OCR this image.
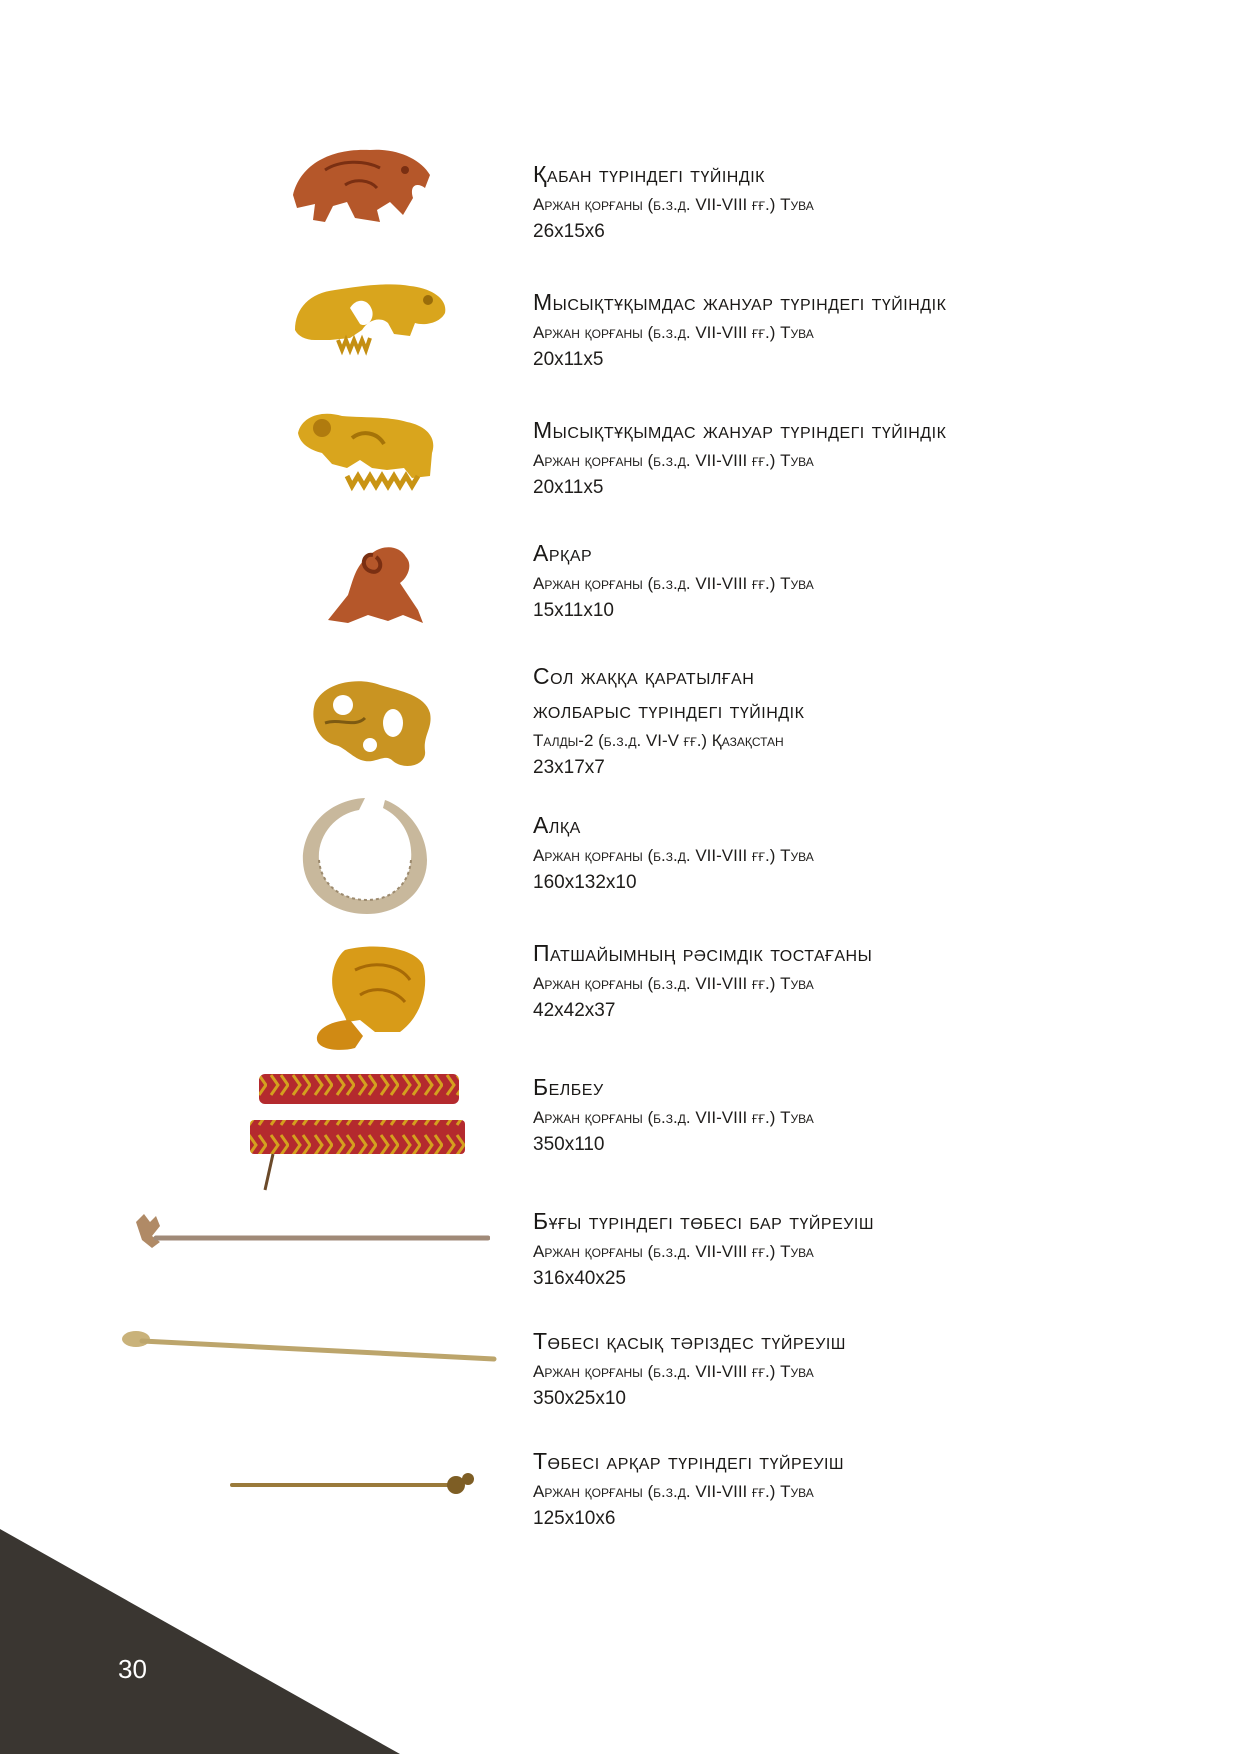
30
Қабан түріндегі түйіндік
Аржан қорғаны (б.з.д. VII-VIII ғғ.) Тува
26x15x6
Мысықтұқымдас жануар түріндегі түйіндік
Аржан қорғаны (б.з.д. VII-VIII ғғ.) Тува
20x11x5
Мысықтұқымдас жануар түріндегі түйіндік
Аржан қорғаны (б.з.д. VII-VIII ғғ.) Тува
20x11x5
Арқар
Аржан қорғаны (б.з.д. VII-VIII ғғ.) Тува
15x11x10
Сол жаққа қаратылған
жолбарыс түріндегі түйіндік
Талды-2 (б.з.д. VI-V ғғ.) Қазақстан
23x17x7
Алқа
Аржан қорғаны (б.з.д. VII-VIII ғғ.) Тува
160x132x10
Патшайымның рәсімдік тостағаны
Аржан қорғаны (б.з.д. VII-VIII ғғ.) Тува
42x42x37
Белбеу
Аржан қорғаны (б.з.д. VII-VIII ғғ.) Тува
350x110
Бұғы түріндегі төбесі бар түйреуіш
Аржан қорғаны (б.з.д. VII-VIII ғғ.) Тува
316x40x25
Төбесі қасық тәріздес түйреуіш
Аржан қорғаны (б.з.д. VII-VIII ғғ.) Тува
350x25x10
Төбесі арқар түріндегі түйреуіш
Аржан қорғаны (б.з.д. VII-VIII ғғ.) Тува
125x10x6
